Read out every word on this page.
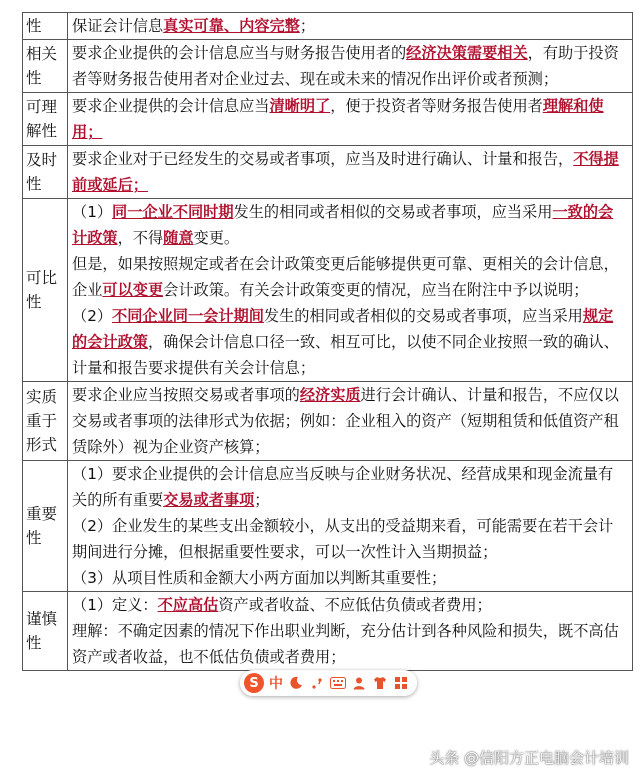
性	保证会计信息真实可靠、内容完整；

相关性	要求企业提供的会计信息应当与财务报告使用者的经济决策需要相关，有助于投资者等财务报告使用者对企业过去、现在或未来的情况作出评价或者预测；

可理解性	要求企业提供的会计信息应当清晰明了，便于投资者等财务报告使用者理解和使用；

及时性	要求企业对于已经发生的交易或者事项，应当及时进行确认、计量和报告，不得提前或延后；

可比性	（1）同一企业不同时期发生的相同或者相似的交易或者事项，应当采用一致的会计政策，不得随意变更。
但是，如果按照规定或者在会计政策变更后能够提供更可靠、更相关的会计信息，企业可以变更会计政策。有关会计政策变更的情况，应当在附注中予以说明；
（2）不同企业同一会计期间发生的相同或者相似的交易或者事项，应当采用规定的会计政策，确保会计信息口径一致、相互可比，以使不同企业按照一致的确认、计量和报告要求提供有关会计信息；

实质重于形式	要求企业应当按照交易或者事项的经济实质进行会计确认、计量和报告，不应仅以交易或者事项的法律形式为依据；例如：企业租入的资产（短期租赁和低值资产租赁除外）视为企业资产核算；

重要性	（1）要求企业提供的会计信息应当反映与企业财务状况、经营成果和现金流量有关的所有重要交易或者事项；
（2）企业发生的某些支出金额较小，从支出的受益期来看，可能需要在若干会计期间进行分摊，但根据重要性要求，可以一次性计入当期损益；
（3）从项目性质和金额大小两方面加以判断其重要性；

谨慎性	（1）定义：不应高估资产或者收益、不应低估负债或者费用；
理解：不确定因素的情况下作出职业判断，充分估计到各种风险和损失，既不高估资产或者收益，也不低估负债或者费用；
S 中
头条 @信阳方正电脑会计培训
